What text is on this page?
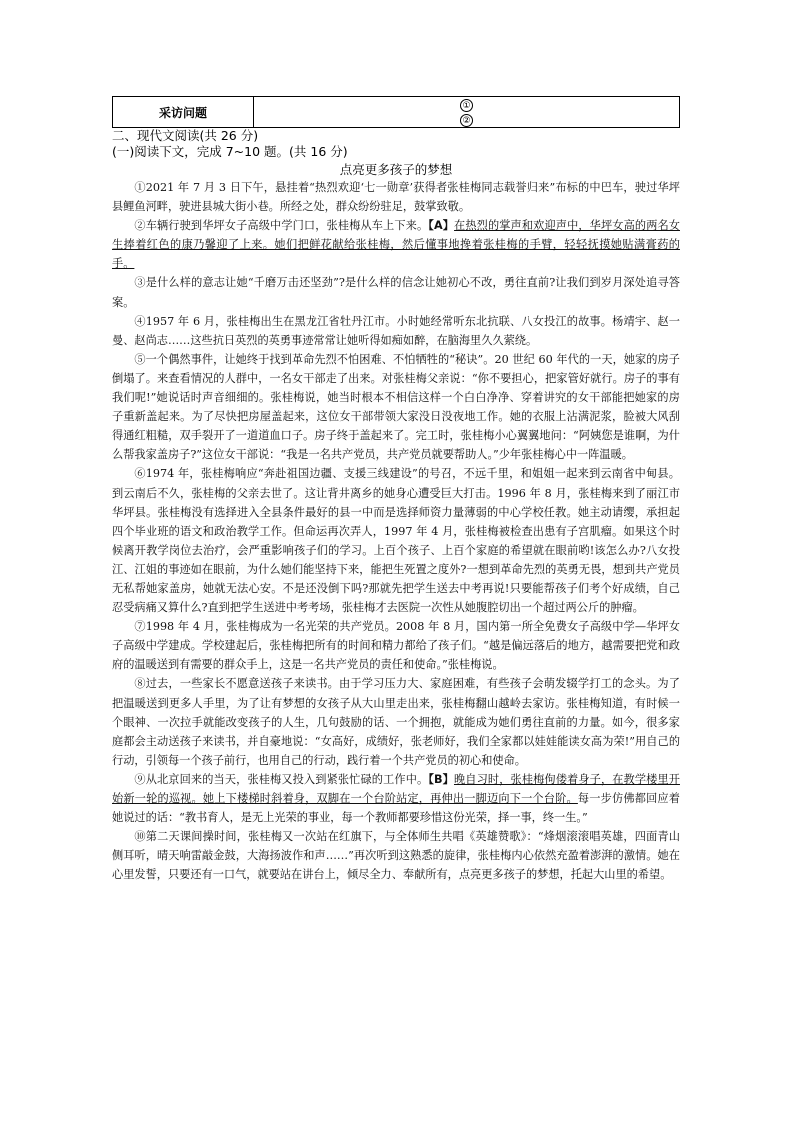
采访问题	①
②

二、现代文阅读(共 26 分)

(一)阅读下文，完成 7~10 题。(共 16 分)

点亮更多孩子的梦想

①2021 年 7 月 3 日下午，悬挂着“热烈欢迎‘七一勋章’获得者张桂梅同志载誉归来”布标的中巴车，驶过华坪县鲤鱼河畔，驶进县城大街小巷。所经之处，群众纷纷驻足，鼓掌致敬。

②车辆行驶到华坪女子高级中学门口，张桂梅从车上下来。【A】在热烈的掌声和欢迎声中，华坪女高的两名女生捧着红色的康乃馨迎了上来。她们把鲜花献给张桂梅，然后懂事地搀着张桂梅的手臂，轻轻抚摸她贴满膏药的手。

③是什么样的意志让她“千磨万击还坚劲”?是什么样的信念让她初心不改，勇往直前?让我们到岁月深处追寻答案。

④1957 年 6 月，张桂梅出生在黑龙江省牡丹江市。小时她经常听东北抗联、八女投江的故事。杨靖宇、赵一曼、赵尚志……这些抗日英烈的英勇事迹常常让她听得如痴如醉，在脑海里久久萦绕。

⑤一个偶然事件，让她终于找到革命先烈不怕困难、不怕牺牲的“秘诀”。20 世纪 60 年代的一天，她家的房子倒塌了。来查看情况的人群中，一名女干部走了出来。对张桂梅父亲说：“你不要担心，把家管好就行。房子的事有我们呢!”她说话时声音细细的。张桂梅说，她当时根本不相信这样一个白白净净、穿着讲究的女干部能把她家的房子重新盖起来。为了尽快把房屋盖起来，这位女干部带领大家没日没夜地工作。她的衣服上沾满泥浆，脸被大风刮得通红粗糙，双手裂开了一道道血口子。房子终于盖起来了。完工时，张桂梅小心翼翼地问：“阿姨您是谁啊，为什么帮我家盖房子?”这位女干部说：“我是一名共产党员，共产党员就要帮助人。”少年张桂梅心中一阵温暖。

⑥1974 年，张桂梅响应“奔赴祖国边疆、支援三线建设”的号召，不远千里，和姐姐一起来到云南省中甸县。到云南后不久，张桂梅的父亲去世了。这让背井离乡的她身心遭受巨大打击。1996 年 8 月，张桂梅来到了丽江市华坪县。张桂梅没有选择进入全县条件最好的县一中而是选择师资力量薄弱的中心学校任教。她主动请缨，承担起四个毕业班的语文和政治教学工作。但命运再次弄人，1997 年 4 月，张桂梅被检查出患有子宫肌瘤。如果这个时候离开教学岗位去治疗，会严重影响孩子们的学习。上百个孩子、上百个家庭的希望就在眼前哟!该怎么办?八女投江、江姐的事迹如在眼前，为什么她们能坚持下来，能把生死置之度外?一想到革命先烈的英勇无畏，想到共产党员无私帮她家盖房，她就无法心安。不是还没倒下吗?那就先把学生送去中考再说!只要能帮孩子们考个好成绩，自己忍受病痛又算什么?直到把学生送进中考考场，张桂梅才去医院一次性从她腹腔切出一个超过两公斤的肿瘤。

⑦1998 年 4 月，张桂梅成为一名光荣的共产党员。2008 年 8 月，国内第一所全免费女子高级中学—华坪女子高级中学建成。学校建起后，张桂梅把所有的时间和精力都给了孩子们。“越是偏远落后的地方，越需要把党和政府的温暖送到有需要的群众手上，这是一名共产党员的责任和使命。”张桂梅说。

⑧过去，一些家长不愿意送孩子来读书。由于学习压力大、家庭困难，有些孩子会萌发辍学打工的念头。为了把温暖送到更多人手里，为了让有梦想的女孩子从大山里走出来，张桂梅翻山越岭去家访。张桂梅知道，有时候一个眼神、一次拉手就能改变孩子的人生，几句鼓励的话、一个拥抱，就能成为她们勇往直前的力量。如今，很多家庭都会主动送孩子来读书，并自豪地说：“女高好，成绩好，张老师好，我们全家都以娃娃能读女高为荣!”用自己的行动，引领每一个孩子前行，也用自己的行动，践行着一个共产党员的初心和使命。

⑨从北京回来的当天，张桂梅又投入到紧张忙碌的工作中。【B】晚自习时，张桂梅佝偻着身子，在教学楼里开始新一轮的巡视。她上下楼梯时斜着身，双脚在一个台阶站定，再伸出一脚迈向下一个台阶。每一步仿佛都回应着她说过的话：“教书育人，是无上光荣的事业，每一个教师都要珍惜这份光荣，择一事，终一生。”

⑩第二天课间操时间，张桂梅又一次站在红旗下，与全体师生共唱《英雄赞歌》：“烽烟滚滚唱英雄，四面青山侧耳听，晴天响雷敲金鼓，大海扬波作和声……”再次听到这熟悉的旋律，张桂梅内心依然充盈着澎湃的激情。她在心里发誓，只要还有一口气，就要站在讲台上，倾尽全力、奉献所有，点亮更多孩子的梦想，托起大山里的希望。
